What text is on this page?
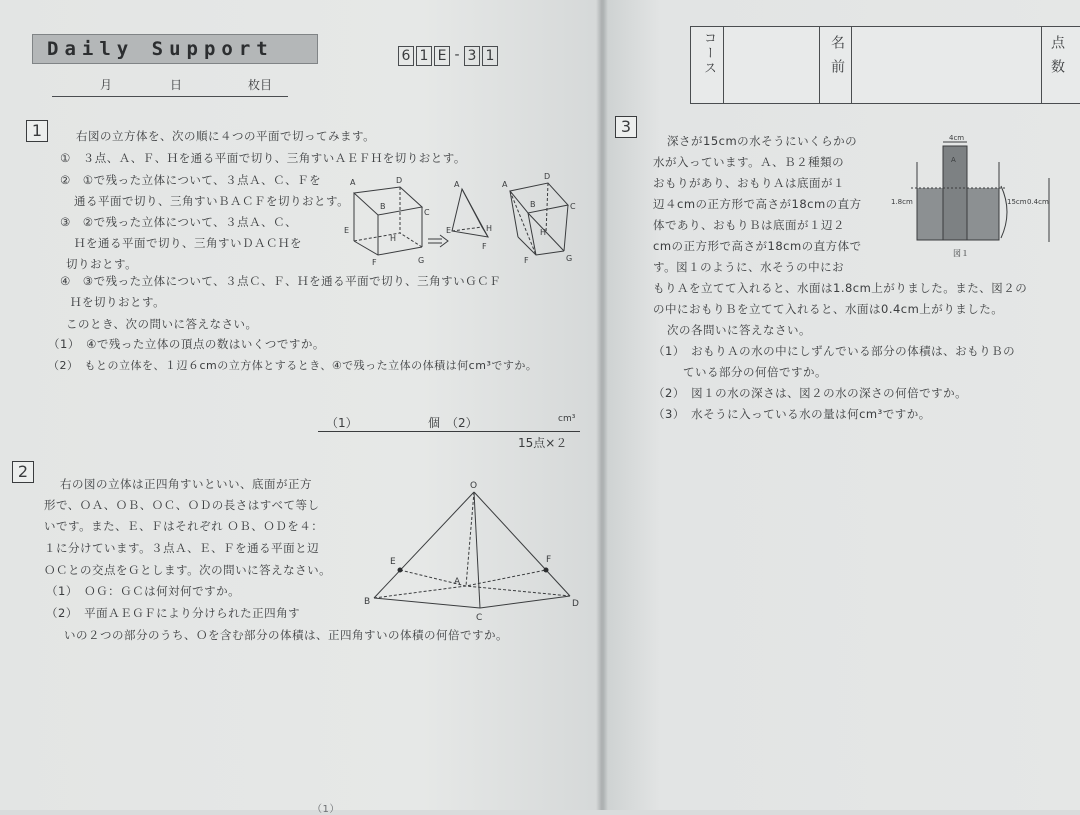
Daily Support
月	日	枚目
6 1 E - 3 1
1	右図の立方体を、次の順に４つの平面で切ってみます。
①　３点、Ａ、Ｆ、Ｈを通る平面で切り、三角すいＡＥＦＨを切りおとす。
②　①で残った立体について、３点Ａ、Ｃ、Ｆを
通る平面で切り、三角すいＢＡＣＦを切りおとす。
③　②で残った立体について、３点Ａ、Ｃ、
Ｈを通る平面で切り、三角すいＤＡＣＨを
切りおとす。
④　③で残った立体について、３点Ｃ、Ｆ、Ｈを通る平面で切り、三角すいＧＣＦ
Ｈを切りおとす。
このとき、次の問いに答えなさい。
（1）　④で残った立体の頂点の数はいくつですか。
（2）　もとの立体を、１辺６cmの立方体とするとき、④で残った立体の体積は何cm³ですか。
A	D
B
C
E
H
F	G
A
E	H
F
A
D
B	C
H
F	G
（1）	個 （2）	cm³
15点×２
2
右の図の立体は正四角すいといい、底面が正方
形で、ＯＡ、ＯＢ、ＯＣ、ＯＤの長さはすべて等し
いです。また、Ｅ、Ｆはそれぞれ ＯＢ、ＯＤを４：
１に分けています。３点Ａ、Ｅ、Ｆを通る平面と辺
ＯＣとの交点をＧとします。次の問いに答えなさい。
（1）　ＯＧ：ＧＣは何対何ですか。
（2）　平面ＡＥＧＦにより分けられた正四角す
いの２つの部分のうち、Ｏを含む部分の体積は、正四角すいの体積の何倍ですか。
O
E	F
A
B
C
D
（1）
コース	名前	点数
3
深さが15cmの水そうにいくらかの
水が入っています。Ａ、Ｂ２種類の
おもりがあり、おもりＡは底面が１
辺４cmの正方形で高さが18cmの直方
体であり、おもりＢは底面が１辺２
cmの正方形で高さが18cmの直方体で
す。図１のように、水そうの中にお
もりＡを立てて入れると、水面は1.8cm上がりました。また、図２の
の中におもりＢを立てて入れると、水面は0.4cm上がりました。
次の各問いに答えなさい。
（1）　おもりＡの水の中にしずんでいる部分の体積は、おもりＢの
ている部分の何倍ですか。
（2）　図１の水の深さは、図２の水の深さの何倍ですか。
（3）　水そうに入っている水の量は何cm³ですか。
4cm
A
1.8cm	15cm 0.4cm
図１
